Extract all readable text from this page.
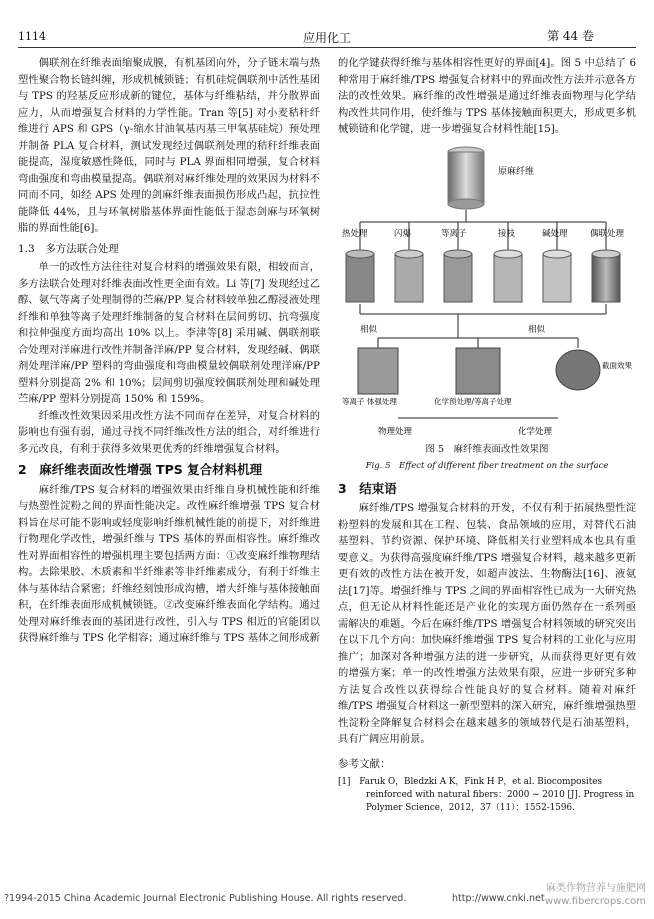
1114	应用化工	第 44 卷

偶联剂在纤维表面缩聚成膜，有机基团向外，分子链末端与热塑性聚合物长链纠缠，形成机械锁链；有机硅烷偶联剂中活性基团与 TPS 的羟基反应形成新的键位，基体与纤维粘结，并分散界面应力，从而增强复合材料的力学性能。Tran 等[5] 对小麦秸秆纤维进行 APS 和 GPS（γ-缩水甘油氧基丙基三甲氧基硅烷）预处理并制备 PLA 复合材料，测试发现经过偶联剂处理的秸秆纤维表面能提高，湿度敏感性降低，同时与 PLA 界面相同增强，复合材料弯曲强度和弯曲模量提高。偶联剂对麻纤维处理的效果因为材料不同而不同，如经 APS 处理的剑麻纤维表面损伤形成凸起，抗拉性能降低 44%，且与环氧树脂基体界面性能低于湿态剑麻与环氧树脂的界面性能[6]。

1.3　多方法联合处理

单一的改性方法往往对复合材料的增强效果有限，相较而言，多方法联合处理对纤维表面改性更全面有效。Li 等[7] 发现经过乙醇、氨气等离子处理制得的苎麻/PP 复合材料较单独乙醇浸液处理纤维和单独等离子处理纤维制备的复合材料在层间剪切、抗弯强度和拉伸强度方面均高出 10% 以上。李津等[8] 采用碱、偶联剂联合处理对洋麻进行改性并制备洋麻/PP 复合材料，发现经碱、偶联剂处理洋麻/PP 塑料的弯曲强度和弯曲模量较偶联剂处理洋麻/PP 塑料分别提高 2% 和 10%；层间剪切强度较偶联剂处理和碱处理苎麻/PP 塑料分别提高 150% 和 159%。

纤维改性效果因采用改性方法不同而存在差异，对复合材料的影响也有强有弱，通过寻找不同纤维改性方法的组合，对纤维进行多元改良，有利于获得多效果更优秀的纤维增强复合材料。

2　麻纤维表面改性增强 TPS 复合材料机理

麻纤维/TPS 复合材料的增强效果由纤维自身机械性能和纤维与热塑性淀粉之间的界面性能决定。改性麻纤维增强 TPS 复合材料旨在尽可能不影响或轻度影响纤维机械性能的前提下，对纤维进行物理化学改性，增强纤维与 TPS 基体的界面相容性。麻纤维改性对界面相容性的增强机理主要包括两方面：①改变麻纤维物理结构。去除果胶、木质素和半纤维素等非纤维素成分，有利于纤维主体与基体结合紧密；纤维经刻蚀形成沟槽，增大纤维与基体接触面积，在纤维表面形成机械锁链。②改变麻纤维表面化学结构。通过处理对麻纤维表面的基团进行改性，引入与 TPS 相近的官能团以获得麻纤维与 TPS 化学相容；通过麻纤维与 TPS 基体之间形成新

的化学键获得纤维与基体相容性更好的界面[4]。图 5 中总结了 6 种常用于麻纤维/TPS 增强复合材料中的界面改性方法并示意各方法的改性效果。麻纤维的改性增强是通过纤维表面物理与化学结构改性共同作用，使纤维与 TPS 基体接触面积更大，形成更多机械锁链和化学键，进一步增强复合材料性能[15]。

原麻纤维
热处理	闪爆	等离子	接枝	碱处理	偶联处理
相似	相似
等离子 体强处理	化学预处理/等离子处理
截面效果
物理处理	化学处理
图 5　麻纤维表面改性效果图
Fig. 5　Effect of different fiber treatment on the surface
3　结束语

麻纤维/TPS 增强复合材料的开发，不仅有利于拓展热塑性淀粉塑料的发展和其在工程、包装、食品领域的应用，对替代石油基塑料、节约资源、保护环境、降低相关行业塑料成本也具有重要意义。为获得高强度麻纤维/TPS 增强复合材料，越来越多更新更有效的改性方法在被开发，如超声波法、生物酶法[16]、液氨法[17]等。增强纤维与 TPS 之间的界面相容性已成为一大研究热点，但无论从材料性能还是产业化的实现方面仍然存在一系列亟需解决的难题。今后在麻纤维/TPS 增强复合材料领域的研究突出在以下几个方向：加快麻纤维增强 TPS 复合材料的工业化与应用推广；加深对各种增强方法的进一步研究，从而获得更好更有效的增强方案；单一的改性增强方法效果有限，应进一步研究多种方法复合改性以获得综合性能良好的复合材料。随着对麻纤维/TPS 增强复合材料这一新型塑料的深入研究，麻纤维增强热塑性淀粉全降解复合材料会在越来越多的领域替代是石油基塑料，具有广阔应用前景。

参考文献：

[1]　Faruk O，Bledzki A K，Fink H P，et al. Biocomposites reinforced with natural fibers：2000 ~ 2010 [J]. Progress in Polymer Science，2012，37（11）：1552-1596.

?1994-2015 China Academic Journal Electronic Publishing House. All rights reserved.	http://www.cnki.net
麻类作物营养与施肥网
www.fibercrops.com
